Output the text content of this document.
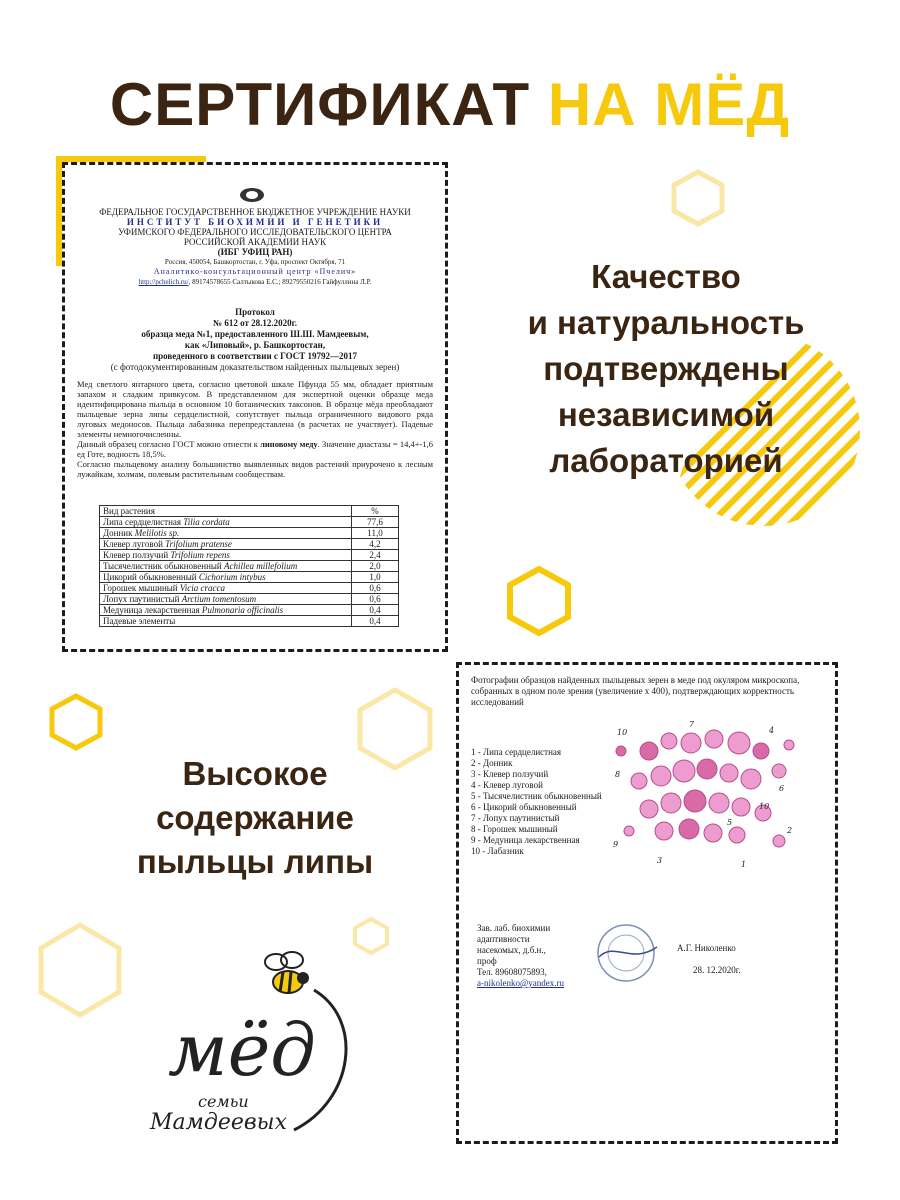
СЕРТИФИКАТ НА МЁД
ФЕДЕРАЛЬНОЕ ГОСУДАРСТВЕННОЕ БЮДЖЕТНОЕ УЧРЕЖДЕНИЕ НАУКИ
ИНСТИТУТ БИОХИМИИ И ГЕНЕТИКИ
УФИМСКОГО ФЕДЕРАЛЬНОГО ИССЛЕДОВАТЕЛЬСКОГО ЦЕНТРА
РОССИЙСКОЙ АКАДЕМИИ НАУК
(ИБГ УФИЦ РАН)
Россия, 450054, Башкортостан, г. Уфа, проспект Октября, 71
Аналитико-консультационный центр «Пчелич»
http://pchelich.ru/, 89174578655 Салтыкова Е.С.; 89279550216 Гайфуллина Л.Р.
Протокол
№ 612 от 28.12.2020г.
образца меда №1, предоставленного Ш.Ш. Мамдеевым,
как «Липовый», р. Башкортостан,
проведенного в соответствии с ГОСТ 19792—2017
(с фотодокументированным доказательством найденных пыльцевых зерен)
Мед светлого янтарного цвета, согласно цветовой шкале Пфунда 55 мм, обладает приятным запахом и сладким привкусом. В представленном для экспертной оценки образце меда идентифицирована пыльца в основном 10 ботанических таксонов. В образце мёда преобладают пыльцевые зерна липы сердцелистной, сопутствует пыльца ограниченного видового ряда луговых медоносов. Пыльца лабазника перепредставлена (в расчетах не участвует). Падевые элементы немногочисленны.
Данный образец согласно ГОСТ можно отнести к липовому меду. Значение диастазы = 14,4+-1,6 ед Готе, водность 18,5%.
Согласно пыльцевому анализу большинство выявленных видов растений приурочено к лесным лужайкам, холмам, полевым растительным сообществам.
Вид растения	%
Липа сердцелистная Tilia cordata	77,6
Донник Melilotis sp.	11,0
Клевер луговой Trifolium pratense	4,2
Клевер ползучий Trifolium repens	2,4
Тысячелистник обыкновенный Achillea millefolium	2,0
Цикорий обыкновенный Cichorium intybus	1,0
Горошек мышиный Vicia cracca	0,6
Лопух паутинистый Arctium tomentosum	0,6
Медуница лекарственная Pulmonaria officinalis	0,4
Падевые элементы	0,4
Качество
и натуральность
подтверждены
независимой
лабораторией
Высокое
содержание
пыльцы липы
мёд
семьи
Мамдеевых
Фотографии образцов найденных пыльцевых зерен в меде под окуляром микроскопа, собранных в одном поле зрения (увеличение х 400), подтверждающих корректность исследований
1 - Липа сердцелистная
2 - Донник
3 - Клевер ползучий
4 - Клевер луговой
5 - Тысячелистник обыкновенный
6 - Цикорий обыкновенный
7 - Лопух паутинистый
8 - Горошек мышиный
9 - Медуница лекарственная
10 - Лабазник
10
7
4
8
6
10
5
9
2
3	1
Зав. лаб. биохимии
адаптивности
насекомых, д.б.н.,
проф
Тел. 89608075893,
a-nikolenko@yandex.ru
А.Г. Николенко
28. 12.2020г.
